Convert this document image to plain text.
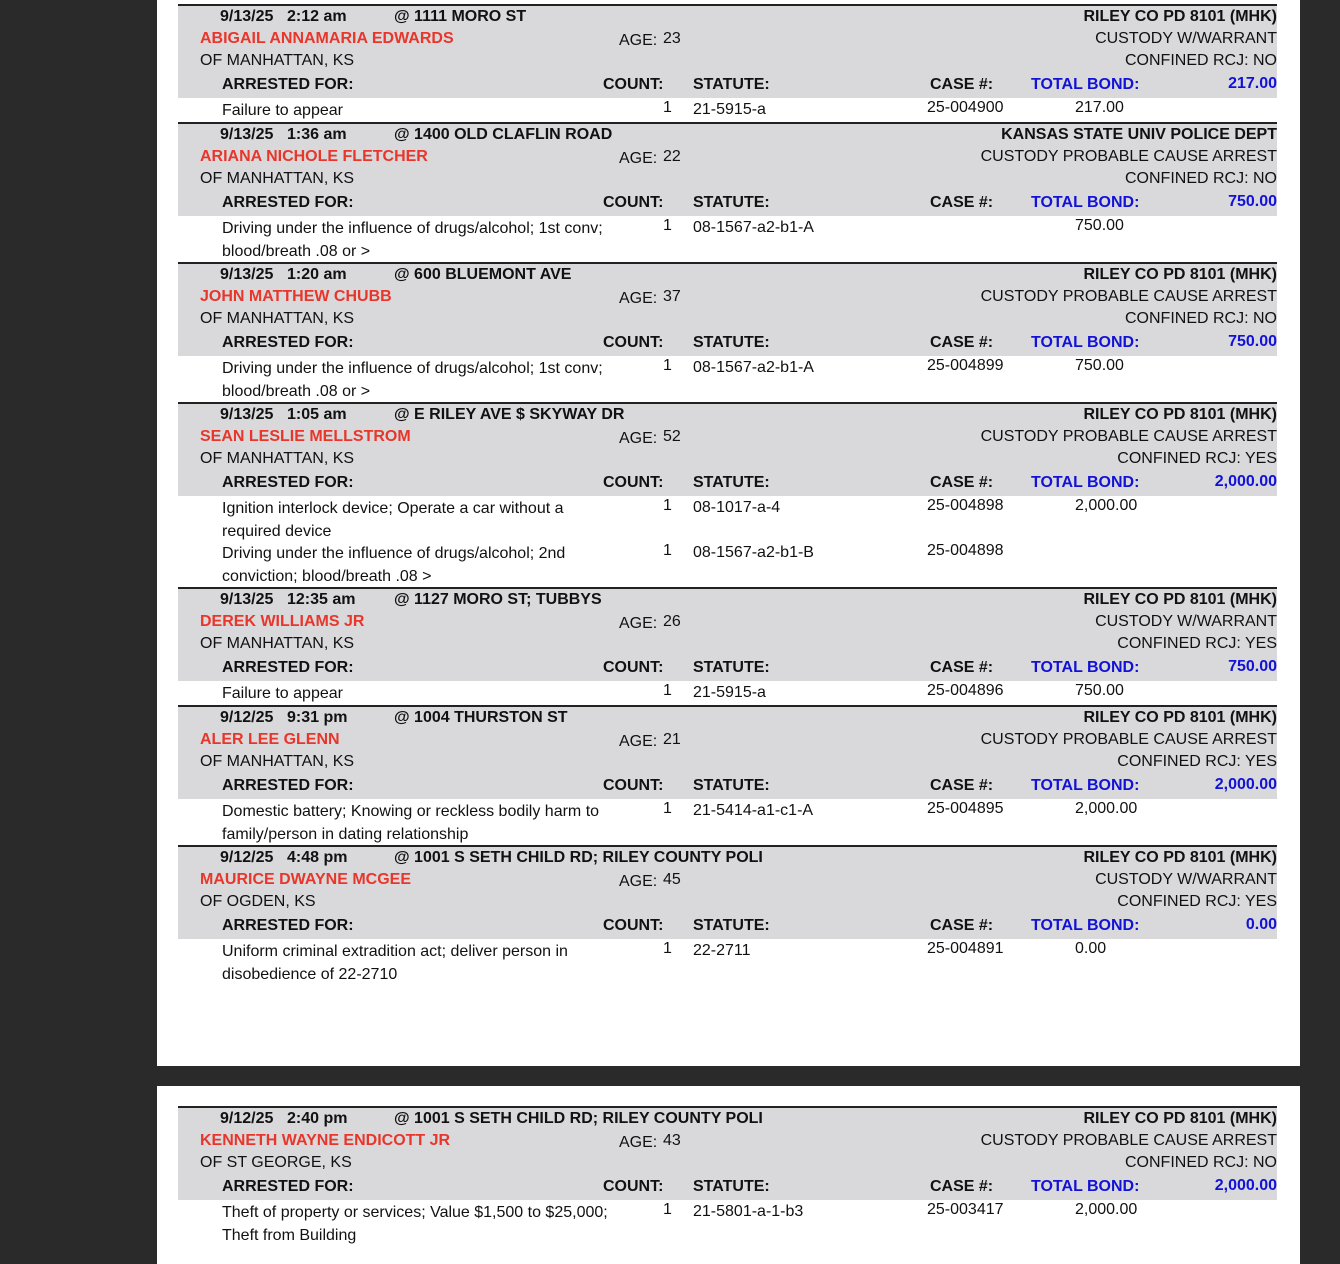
9/13/25 2:12 am	@ 1111 MORO ST	RILEY CO PD 8101 (MHK)
ABIGAIL ANNAMARIA EDWARDS	AGE: 23	CUSTODY W/WARRANT
OF MANHATTAN, KS	CONFINED RCJ: NO
ARRESTED FOR:	COUNT: STATUTE:	CASE #: TOTAL BOND:	217.00
Failure to appear	1 21-5915-a	25-004900	217.00
9/13/25 1:36 am	@ 1400 OLD CLAFLIN ROAD	KANSAS STATE UNIV POLICE DEPT
ARIANA NICHOLE FLETCHER	AGE: 22	CUSTODY PROBABLE CAUSE ARREST
OF MANHATTAN, KS	CONFINED RCJ: NO
ARRESTED FOR:	COUNT: STATUTE:	CASE #: TOTAL BOND:	750.00
Driving under the influence of drugs/alcohol; 1st conv; blood/breath .08 or >
1 08-1567-a2-b1-A	750.00
9/13/25 1:20 am	@ 600 BLUEMONT AVE	RILEY CO PD 8101 (MHK)
JOHN MATTHEW CHUBB	AGE: 37	CUSTODY PROBABLE CAUSE ARREST
OF MANHATTAN, KS	CONFINED RCJ: NO
ARRESTED FOR:	COUNT: STATUTE:	CASE #: TOTAL BOND:	750.00
Driving under the influence of drugs/alcohol; 1st conv; blood/breath .08 or >
1 08-1567-a2-b1-A	25-004899	750.00
9/13/25 1:05 am	@ E RILEY AVE $ SKYWAY DR	RILEY CO PD 8101 (MHK)
SEAN LESLIE MELLSTROM	AGE: 52	CUSTODY PROBABLE CAUSE ARREST
OF MANHATTAN, KS	CONFINED RCJ: YES
ARRESTED FOR:	COUNT: STATUTE:	CASE #: TOTAL BOND:	2,000.00
Ignition interlock device; Operate a car without a required device
1 08-1017-a-4	25-004898	2,000.00
Driving under the influence of drugs/alcohol; 2nd conviction; blood/breath .08 >
1 08-1567-a2-b1-B	25-004898
9/13/25 12:35 am @ 1127 MORO ST; TUBBYS	RILEY CO PD 8101 (MHK)
DEREK WILLIAMS JR	AGE: 26	CUSTODY W/WARRANT
OF MANHATTAN, KS	CONFINED RCJ: YES
ARRESTED FOR:	COUNT: STATUTE:	CASE #: TOTAL BOND:	750.00
Failure to appear	1 21-5915-a	25-004896	750.00
9/12/25 9:31 pm	@ 1004 THURSTON ST	RILEY CO PD 8101 (MHK)
ALER LEE GLENN	AGE: 21	CUSTODY PROBABLE CAUSE ARREST
OF MANHATTAN, KS	CONFINED RCJ: YES
ARRESTED FOR:	COUNT: STATUTE:	CASE #: TOTAL BOND:	2,000.00
Domestic battery; Knowing or reckless bodily harm to family/person in dating relationship
1 21-5414-a1-c1-A	25-004895	2,000.00
9/12/25 4:48 pm	@ 1001 S SETH CHILD RD; RILEY COUNTY POLI	RILEY CO PD 8101 (MHK)
MAURICE DWAYNE MCGEE	AGE: 45	CUSTODY W/WARRANT
OF OGDEN, KS	CONFINED RCJ: YES
ARRESTED FOR:	COUNT: STATUTE:	CASE #: TOTAL BOND:	0.00
Uniform criminal extradition act; deliver person in disobedience of 22-2710
1 22-2711	25-004891	0.00
9/12/25 2:40 pm	@ 1001 S SETH CHILD RD; RILEY COUNTY POLI	RILEY CO PD 8101 (MHK)
KENNETH WAYNE ENDICOTT JR	AGE: 43	CUSTODY PROBABLE CAUSE ARREST
OF ST GEORGE, KS	CONFINED RCJ: NO
ARRESTED FOR:	COUNT: STATUTE:	CASE #: TOTAL BOND:	2,000.00
Theft of property or services; Value $1,500 to $25,000; Theft from Building
1 21-5801-a-1-b3	25-003417	2,000.00
